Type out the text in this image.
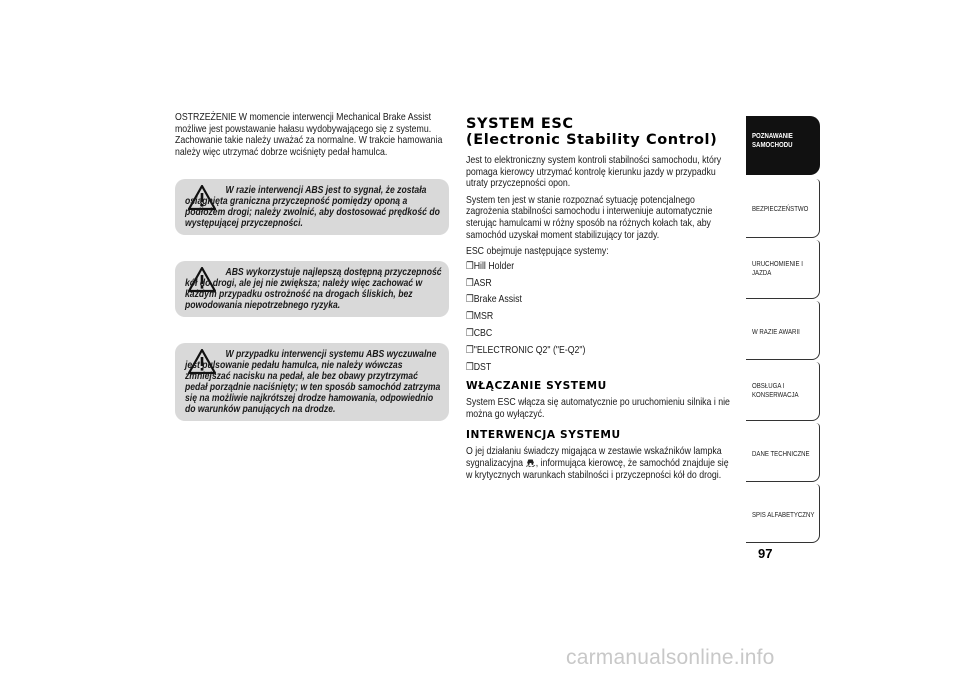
OSTRZEŻENIE W momencie interwencji Mechanical Brake Assist możliwe jest powstawanie hałasu wydobywającego się z systemu. Zachowanie takie należy uważać za normalne. W trakcie hamowania należy więc utrzymać dobrze wciśnięty pedał hamulca.

W razie interwencji ABS jest to sygnał, że została osiągnięta graniczna przyczepność pomiędzy oponą a podłożem drogi; należy zwolnić, aby dostosować prędkość do występującej przyczepności.

ABS wykorzystuje najlepszą dostępną przyczepność kół do drogi, ale jej nie zwiększa; należy więc zachować w każdym przypadku ostrożność na drogach śliskich, bez powodowania niepotrzebnego ryzyka.

W przypadku interwencji systemu ABS wyczuwalne jest pulsowanie pedału hamulca, nie należy wówczas zmniejszać nacisku na pedał, ale bez obawy przytrzymać pedał porządnie naciśnięty; w ten sposób samochód zatrzyma się na możliwie najkrótszej drodze hamowania, odpowiednio do warunków panujących na drodze.

SYSTEM ESC
(Electronic Stability Control)

Jest to elektroniczny system kontroli stabilności samochodu, który pomaga kierowcy utrzymać kontrolę kierunku jazdy w przypadku utraty przyczepności opon.

System ten jest w stanie rozpoznać sytuację potencjalnego zagrożenia stabilności samochodu i interweniuje automatycznie sterując hamulcami w różny sposób na różnych kołach tak, aby samochód uzyskał moment stabilizujący tor jazdy.

ESC obejmuje następujące systemy:

❒Hill Holder
❒ASR
❒Brake Assist
❒MSR
❒CBC
❒"ELECTRONIC Q2" ("E-Q2")
❒DST
WŁĄCZANIE SYSTEMU

System ESC włącza się automatycznie po uruchomieniu silnika i nie można go wyłączyć.

INTERWENCJA SYSTEMU

O jej działaniu świadczy migająca w zestawie wskaźników lampka sygnalizacyjna , informująca kierowcę, że samochód znajduje się w krytycznych warunkach stabilności i przyczepności kół do drogi.

POZNAWANIE SAMOCHODU
BEZPIECZEŃSTWO
URUCHOMIENIE I JAZDA
W RAZIE AWARII
OBSŁUGA I KONSERWACJA
DANE TECHNICZNE
SPIS ALFABETYCZNY
97
carmanualsonline.info
